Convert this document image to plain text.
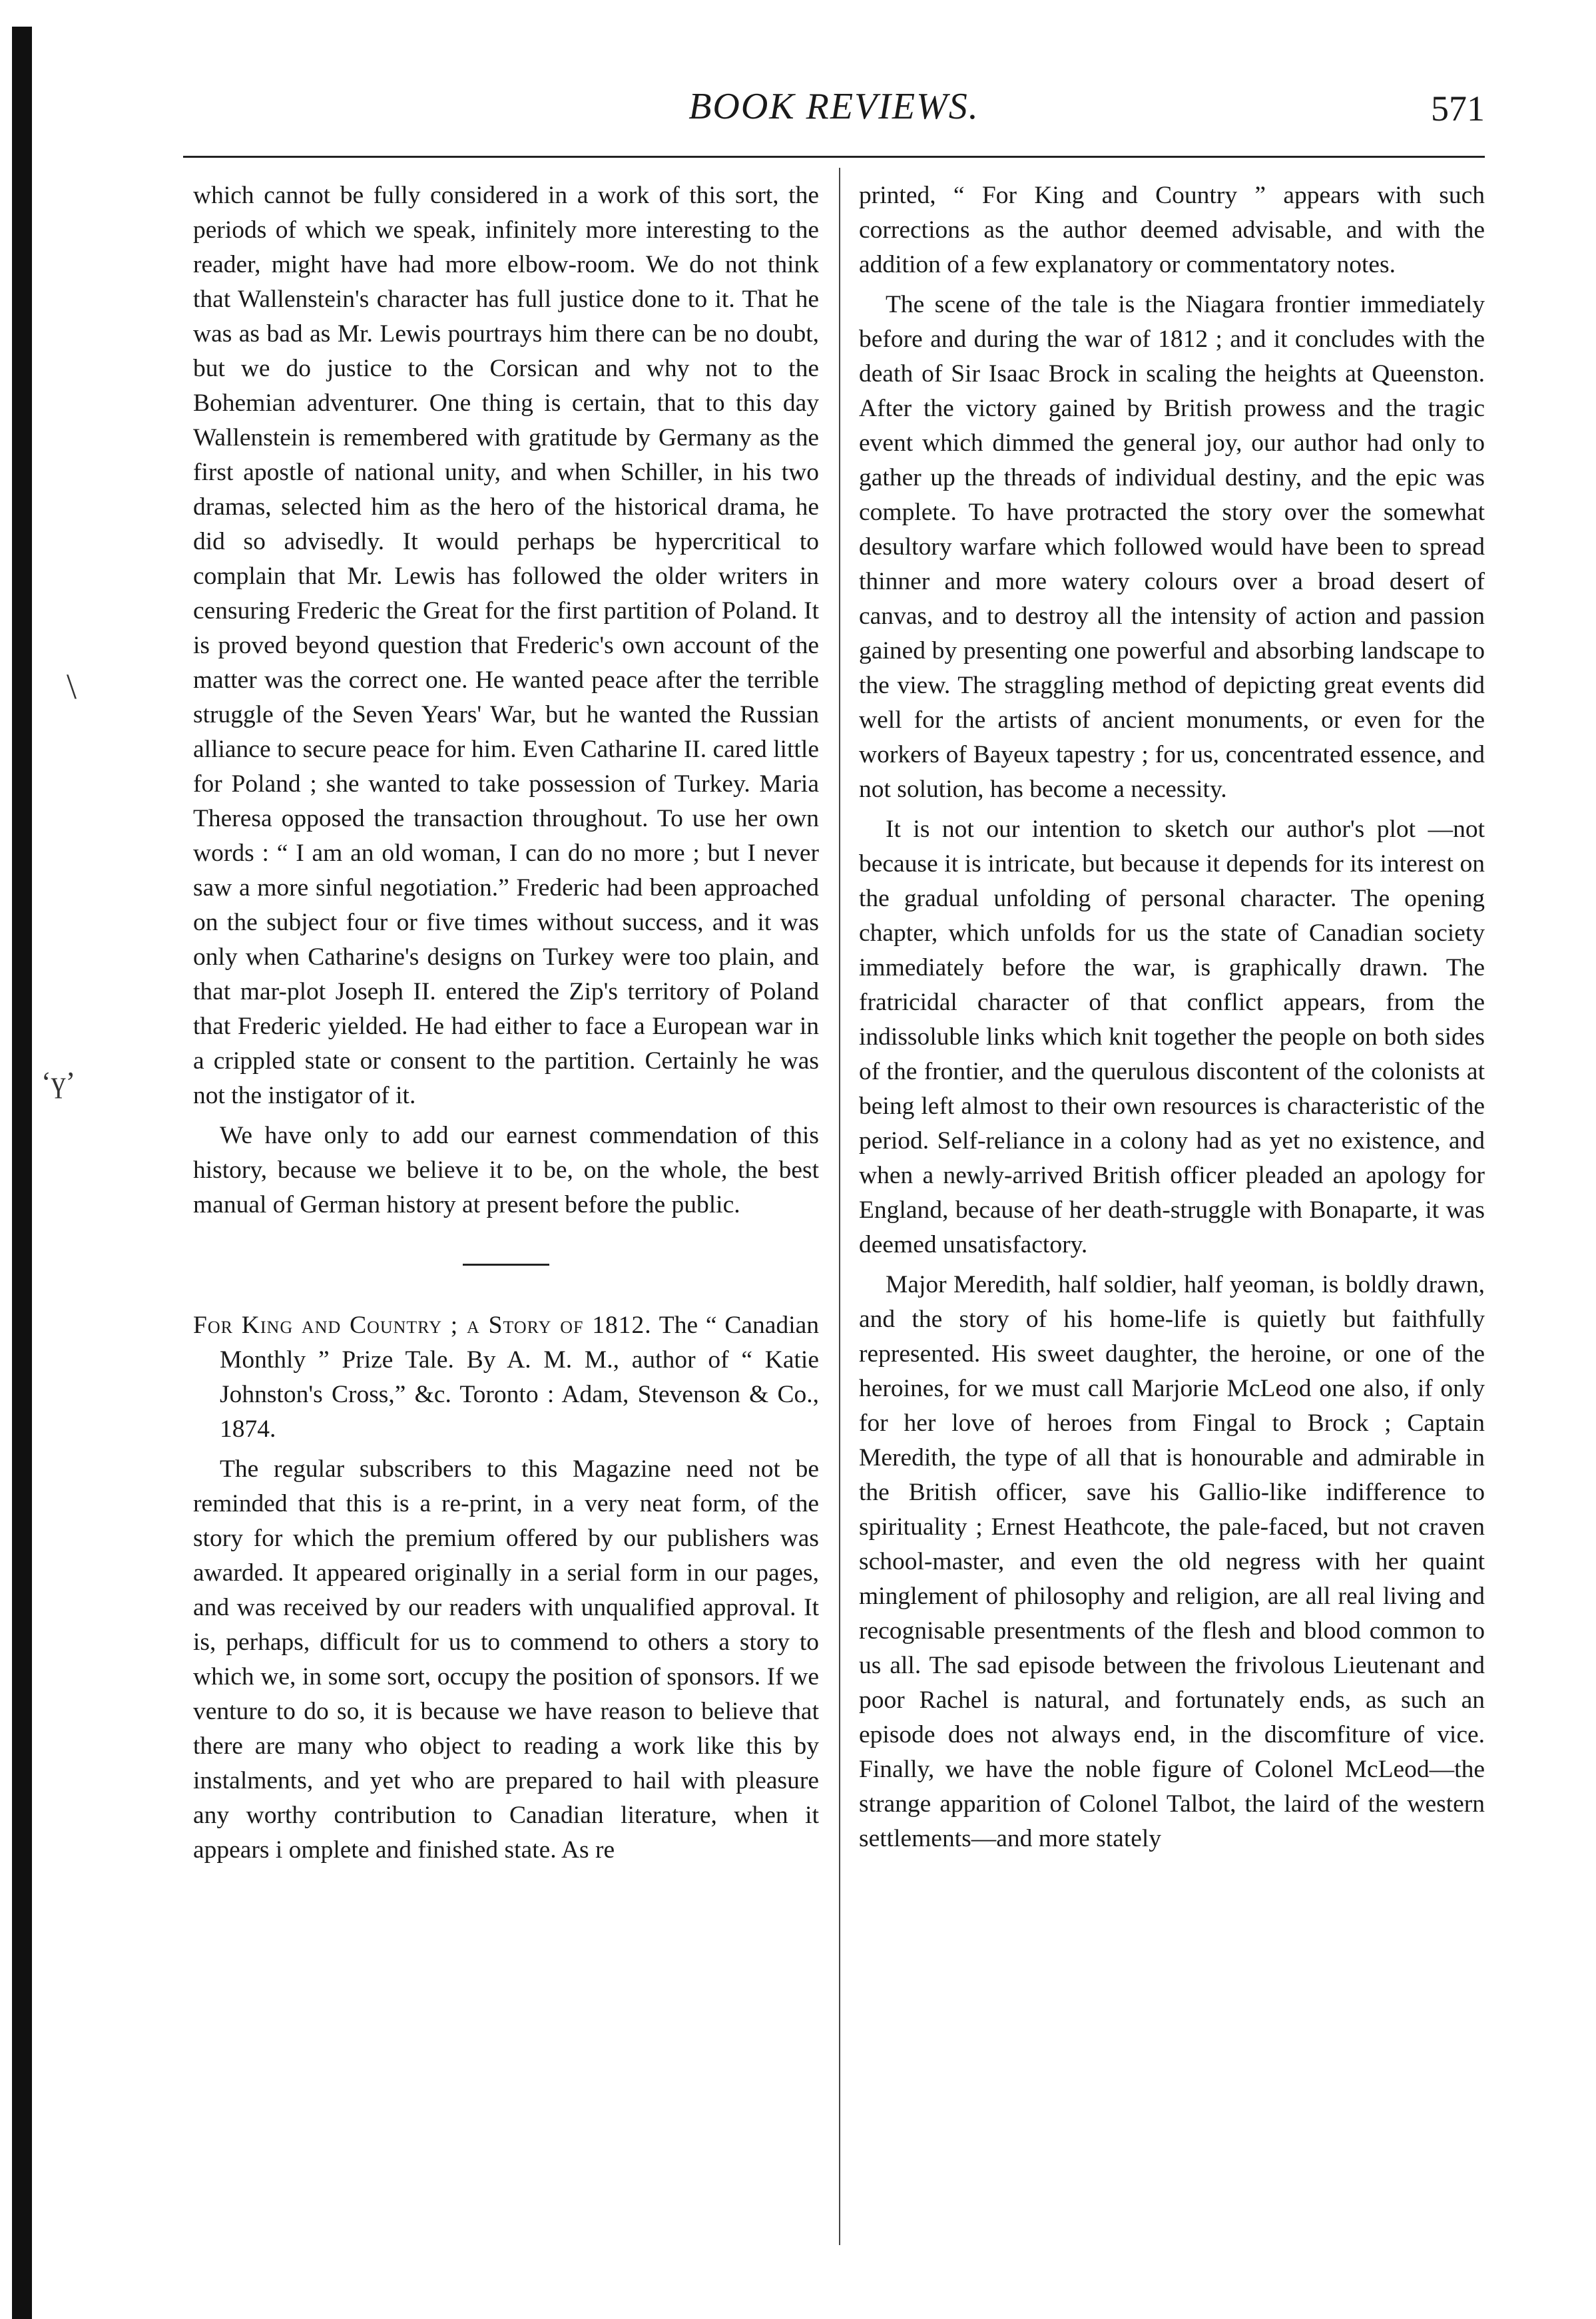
\
‘ү’
BOOK REVIEWS.	571

which cannot be fully considered in a work of this sort, the periods of which we speak, infinitely more interesting to the reader, might have had more elbow-room. We do not think that Wallenstein's character has full justice done to it. That he was as bad as Mr. Lewis pourtrays him there can be no doubt, but we do justice to the Corsican and why not to the Bohemian adventurer. One thing is certain, that to this day Wallenstein is remembered with gratitude by Germany as the first apostle of national unity, and when Schiller, in his two dramas, selected him as the hero of the historical drama, he did so advisedly. It would perhaps be hypercritical to complain that Mr. Lewis has followed the older writers in censuring Frederic the Great for the first partition of Poland. It is proved beyond question that Frederic's own account of the matter was the correct one. He wanted peace after the terrible struggle of the Seven Years' War, but he wanted the Russian alliance to secure peace for him. Even Catharine II. cared little for Poland ; she wanted to take possession of Turkey. Maria Theresa opposed the transaction throughout. To use her own words : “ I am an old woman, I can do no more ; but I never saw a more sinful negotiation.” Frederic had been approached on the subject four or five times without success, and it was only when Catharine's designs on Turkey were too plain, and that mar-plot Joseph II. entered the Zip's territory of Poland that Frederic yielded. He had either to face a European war in a crippled state or consent to the partition. Certainly he was not the instigator of it.

We have only to add our earnest commendation of this history, because we believe it to be, on the whole, the best manual of German history at present before the public.

For King and Country ; a Story of 1812. The “ Canadian Monthly ” Prize Tale. By A. M. M., author of “ Katie Johnston's Cross,” &c. Toronto : Adam, Stevenson & Co., 1874.

The regular subscribers to this Magazine need not be reminded that this is a re-print, in a very neat form, of the story for which the premium offered by our publishers was awarded. It appeared originally in a serial form in our pages, and was received by our readers with unqualified approval. It is, perhaps, difficult for us to commend to others a story to which we, in some sort, occupy the position of sponsors. If we venture to do so, it is because we have reason to believe that there are many who object to reading a work like this by instalments, and yet who are prepared to hail with pleasure any worthy contribution to Canadian literature, when it appears i omplete and finished state. As re

printed, “ For King and Country ” appears with such corrections as the author deemed advisable, and with the addition of a few explanatory or commentatory notes.

The scene of the tale is the Niagara frontier immediately before and during the war of 1812 ; and it concludes with the death of Sir Isaac Brock in scaling the heights at Queenston. After the victory gained by British prowess and the tragic event which dimmed the general joy, our author had only to gather up the threads of individual destiny, and the epic was complete. To have protracted the story over the somewhat desultory warfare which followed would have been to spread thinner and more watery colours over a broad desert of canvas, and to destroy all the intensity of action and passion gained by presenting one powerful and absorbing landscape to the view. The straggling method of depicting great events did well for the artists of ancient monuments, or even for the workers of Bayeux tapestry ; for us, concentrated essence, and not solution, has become a necessity.

It is not our intention to sketch our author's plot —not because it is intricate, but because it depends for its interest on the gradual unfolding of personal character. The opening chapter, which unfolds for us the state of Canadian society immediately before the war, is graphically drawn. The fratricidal character of that conflict appears, from the indissoluble links which knit together the people on both sides of the frontier, and the querulous discontent of the colonists at being left almost to their own resources is characteristic of the period. Self-reliance in a colony had as yet no existence, and when a newly-arrived British officer pleaded an apology for England, because of her death-struggle with Bonaparte, it was deemed unsatisfactory.

Major Meredith, half soldier, half yeoman, is boldly drawn, and the story of his home-life is quietly but faithfully represented. His sweet daughter, the heroine, or one of the heroines, for we must call Marjorie McLeod one also, if only for her love of heroes from Fingal to Brock ; Captain Meredith, the type of all that is honourable and admirable in the British officer, save his Gallio-like indifference to spirituality ; Ernest Heathcote, the pale-faced, but not craven school-master, and even the old negress with her quaint minglement of philosophy and religion, are all real living and recognisable presentments of the flesh and blood common to us all. The sad episode between the frivolous Lieutenant and poor Rachel is natural, and fortunately ends, as such an episode does not always end, in the discomfiture of vice. Finally, we have the noble figure of Colonel McLeod—the strange apparition of Colonel Talbot, the laird of the western settlements—and more stately
